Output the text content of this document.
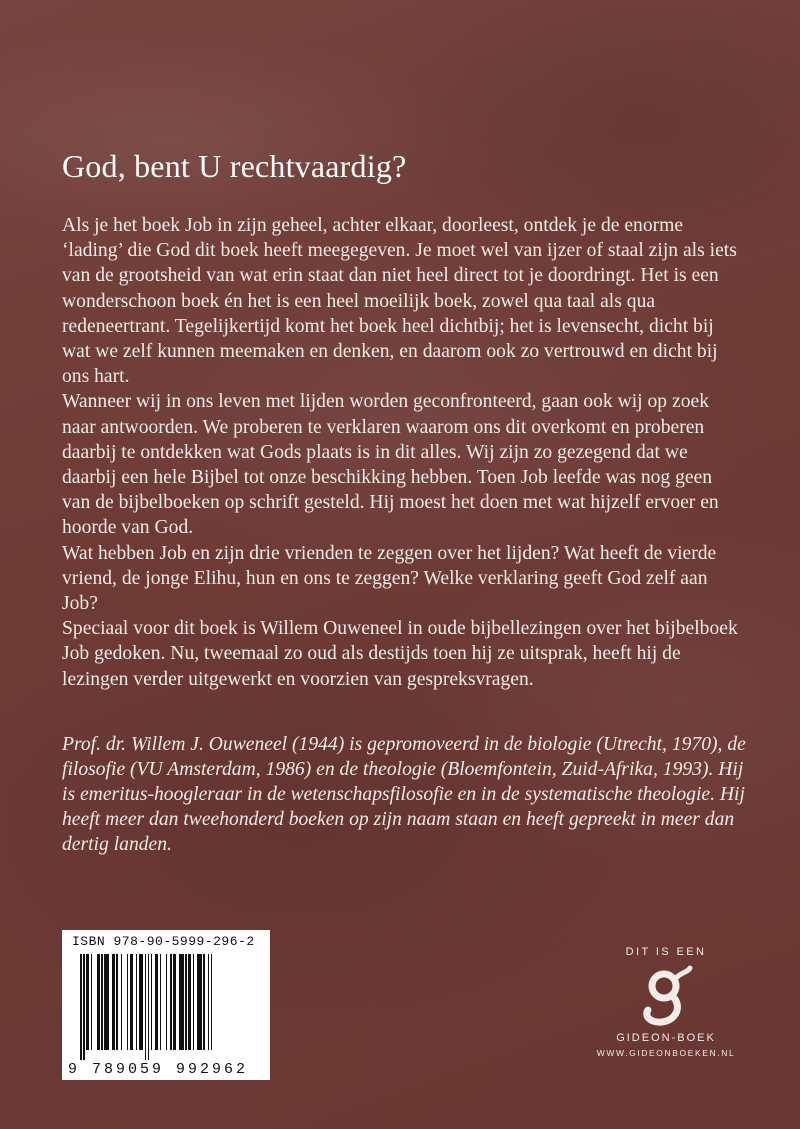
God, bent U rechtvaardig?

Als je het boek Job in zijn geheel, achter elkaar, doorleest, ontdek je de enorme ‘lading’ die God dit boek heeft meegegeven. Je moet wel van ijzer of staal zijn als iets van de grootsheid van wat erin staat dan niet heel direct tot je doordringt. Het is een wonderschoon boek én het is een heel moeilijk boek, zowel qua taal als qua redeneertrant. Tegelijkertijd komt het boek heel dichtbij; het is levensecht, dicht bij wat we zelf kunnen meemaken en denken, en daarom ook zo vertrouwd en dicht bij ons hart.

Wanneer wij in ons leven met lijden worden geconfronteerd, gaan ook wij op zoek naar antwoorden. We proberen te verklaren waarom ons dit overkomt en proberen daarbij te ontdekken wat Gods plaats is in dit alles. Wij zijn zo gezegend dat we daarbij een hele Bijbel tot onze beschikking hebben. Toen Job leefde was nog geen van de bijbelboeken op schrift gesteld. Hij moest het doen met wat hijzelf ervoer en hoorde van God.

Wat hebben Job en zijn drie vrienden te zeggen over het lijden? Wat heeft de vierde vriend, de jonge Elihu, hun en ons te zeggen? Welke verklaring geeft God zelf aan Job?

Speciaal voor dit boek is Willem Ouweneel in oude bijbellezingen over het bijbelboek Job gedoken. Nu, tweemaal zo oud als destijds toen hij ze uitsprak, heeft hij de lezingen verder uitgewerkt en voorzien van gespreksvragen.

Prof. dr. Willem J. Ouweneel (1944) is gepromoveerd in de biologie (Utrecht, 1970), de filosofie (VU Amsterdam, 1986) en de theologie (Bloemfontein, Zuid-Afrika, 1993). Hij is emeritus-hoogleraar in de wetenschapsfilosofie en in de systematische theologie. Hij heeft meer dan tweehonderd boeken op zijn naam staan en heeft gepreekt in meer dan dertig landen.

ISBN 978-90-5999-296-2
9 789059 992962
DIT IS EEN
GIDEON-BOEK
WWW.GIDEONBOEKEN.NL
